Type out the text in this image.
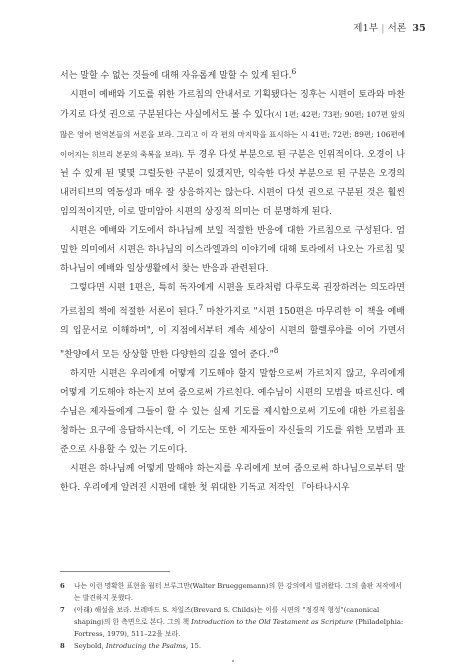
제1부 | 서론 35

서는 말할 수 없는 것들에 대해 자유롭게 말할 수 있게 된다.$^6$

시편이 예배와 기도를 위한 가르침의 안내서로 기획됐다는 징후는 시편이 토라와 마찬가지로 다섯 권으로 구분된다는 사실에서도 볼 수 있다(시 1편; 42편; 73편; 90편; 107편 앞의 많은 영어 번역본들의 서론을 보라. 그리고 이 각 편의 마지막을 표시하는 시 41편; 72편; 89편; 106편에 이어지는 히브리 본문의 축복을 보라). 두 경우 다섯 부분으로 된 구분은 인위적이다. 오경이 나뉜 수 있게 된 몇몇 그럴듯한 구분이 있겠지만, 익숙한 다섯 부분으로 된 구분은 오경의 내러티브의 역동성과 매우 잘 상응하지는 않는다. 시편이 다섯 권으로 구분된 것은 훨씬 임의적이지만, 이로 말미암아 시편의 상징적 의미는 더 분명하게 된다.

시편은 예배와 기도에서 하나님께 보일 적절한 반응에 대한 가르침으로 구성된다. 엄밀한 의미에서 시편은 하나님의 이스라엘과의 이야기에 대해 토라에서 나오는 가르침 및 하나님이 예배와 일상생활에서 찾는 반응과 관련된다.

그렇다면 시편 1편은, 특히 독자에게 시편을 토라처럼 다루도록 권장하려는 의도라면 가르침의 책에 적절한 서론이 된다.$^7$ 마찬가지로 "시편 150편은 마무리한 이 책을 예배의 입문서로 이해하며", 이 지점에서부터 계속 세상이 시편의 할렐루야를 이어 가면서 "찬양에서 모든 상상할 만한 다양한의 길을 열어 준다."$^8$

하지만 시편은 우리에게 어떻게 기도해야 할지 말함으로써 가르치지 않고, 우리에게 어떻게 기도해야 하는지 보여 줌으로써 가르친다. 예수님이 시편의 모범을 따르신다. 예수님은 제자들에게 그들이 할 수 있는 실제 기도를 제시함으로써 기도에 대한 가르침을 청하는 요구에 응답하시는데, 이 기도는 또한 제자들이 자신들의 기도를 위한 모범과 표준으로 사용할 수 있는 기도이다.

시편은 하나님께 어떻게 말해야 하는지를 우리에게 보여 줌으로써 하나님으로부터 말한다. 우리에게 알려진 시편에 대한 첫 위대한 기독교 저작인 『아타나시우

6 나는 이런 명확한 표현을 월터 브루그만(Walter Brueggemann)의 한 강의에서 빌려왔다. 그의 출판 저작에서는 발견하지 못했다.

7 (아래) 해설을 보라. 브레바드 S. 차일즈(Brevard S. Childs)는 이를 시편의 "정경적 형성"(canonical shaping)의 한 측면으로 본다. 그의 책 Introduction to the Old Testament as Scripture (Philadelphia: Fortress, 1979), 511–22을 보라.

8 Seybold, Introducing the Psalms, 15.
